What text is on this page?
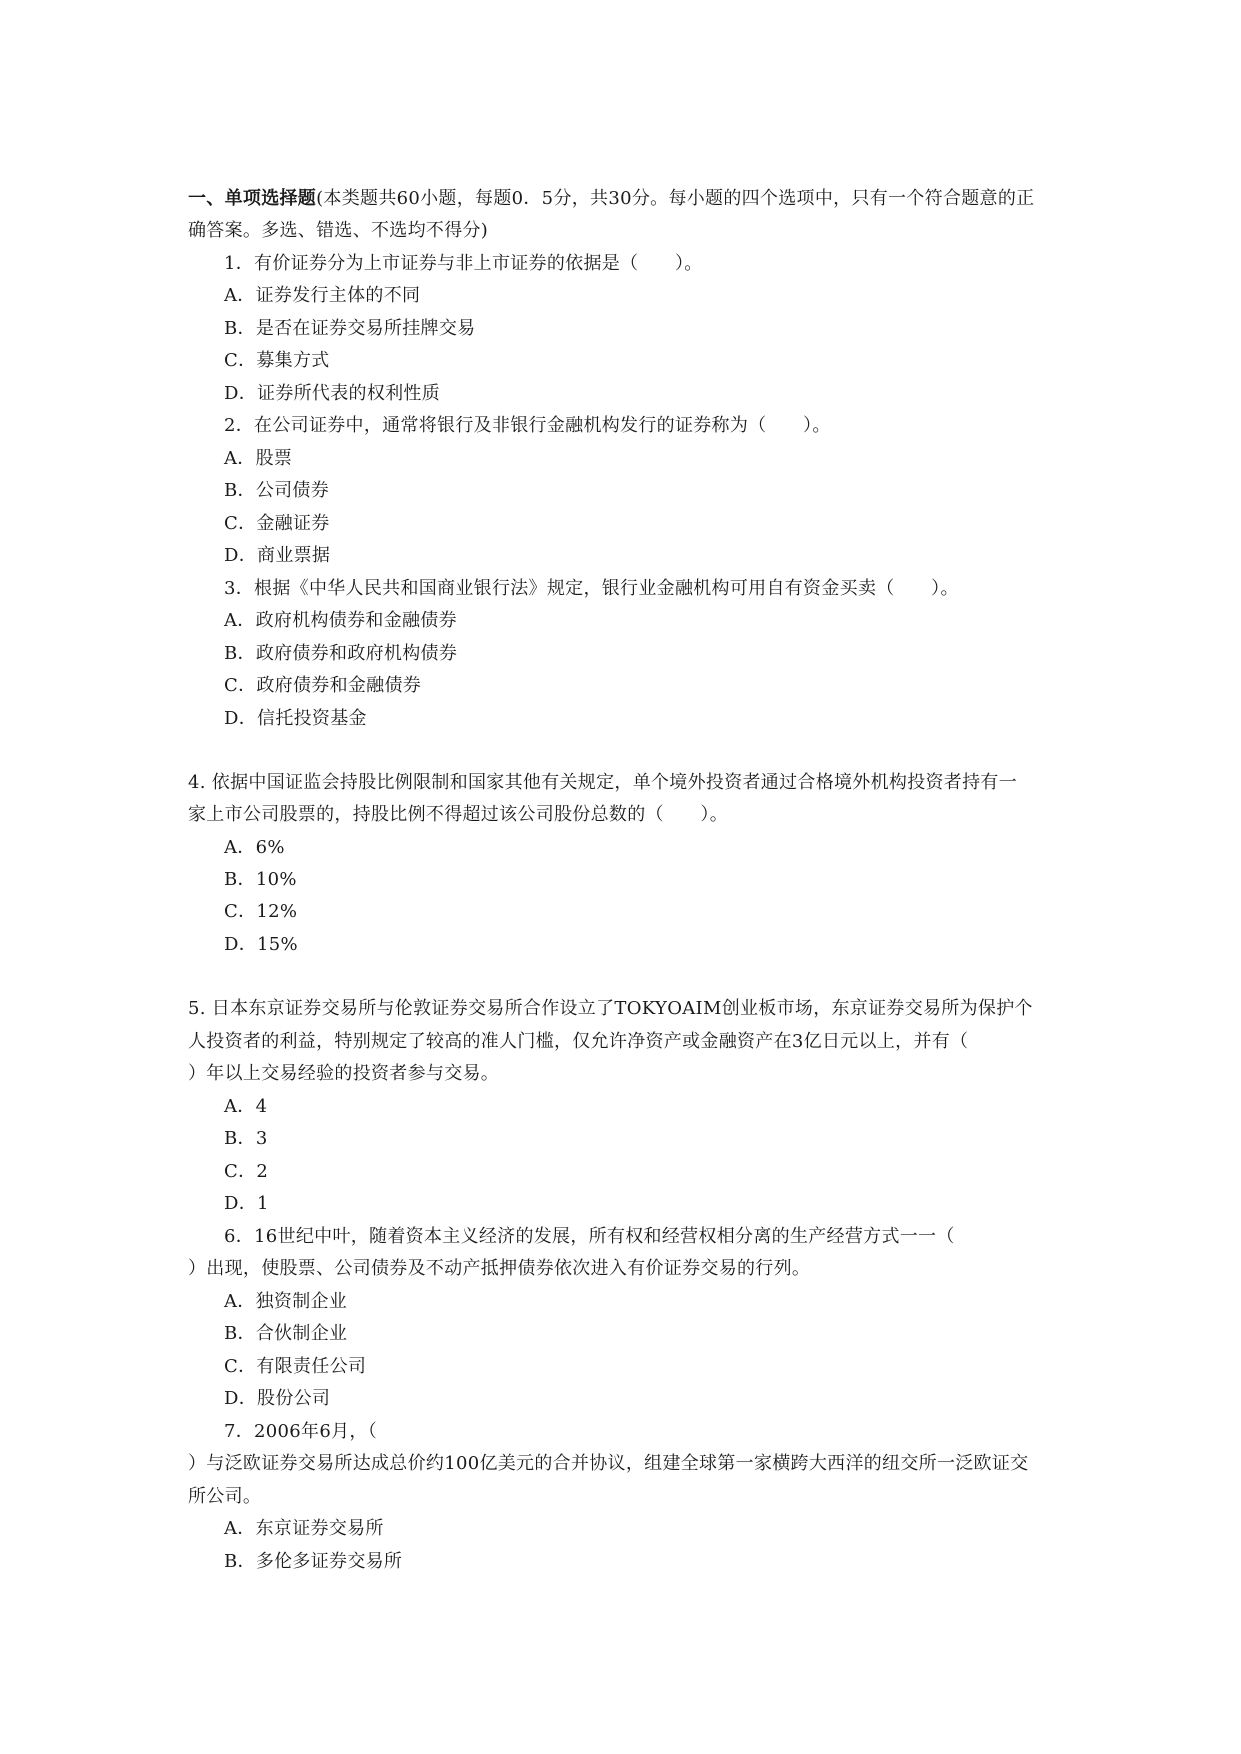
一、单项选择题(本类题共60小题，每题0．5分，共30分。每小题的四个选项中，只有一个符合题意的正
确答案。多选、错选、不选均不得分)
1．有价证券分为上市证券与非上市证券的依据是（　　）。
A．证券发行主体的不同
B．是否在证券交易所挂牌交易
C．募集方式
D．证券所代表的权利性质
2．在公司证券中，通常将银行及非银行金融机构发行的证券称为（　　）。
A．股票
B．公司债券
C．金融证券
D．商业票据
3．根据《中华人民共和国商业银行法》规定，银行业金融机构可用自有资金买卖（　　）。
A．政府机构债券和金融债券
B．政府债券和政府机构债券
C．政府债券和金融债券
D．信托投资基金
4. 依据中国证监会持股比例限制和国家其他有关规定，单个境外投资者通过合格境外机构投资者持有一
家上市公司股票的，持股比例不得超过该公司股份总数的（　　）。
A．6%
B．10%
C．12%
D．15%
5. 日本东京证券交易所与伦敦证券交易所合作设立了TOKYOAIM创业板市场，东京证券交易所为保护个
人投资者的利益，特别规定了较高的准人门槛，仅允许净资产或金融资产在3亿日元以上，并有（
）年以上交易经验的投资者参与交易。
A．4
B．3
C．2
D．1
6．16世纪中叶，随着资本主义经济的发展，所有权和经营权相分离的生产经营方式一一（
）出现，使股票、公司债券及不动产抵押债券依次进入有价证券交易的行列。
A．独资制企业
B．合伙制企业
C．有限责任公司
D．股份公司
7．2006年6月，（
）与泛欧证券交易所达成总价约100亿美元的合并协议，组建全球第一家横跨大西洋的纽交所一泛欧证交
所公司。
A．东京证券交易所
B．多伦多证券交易所
